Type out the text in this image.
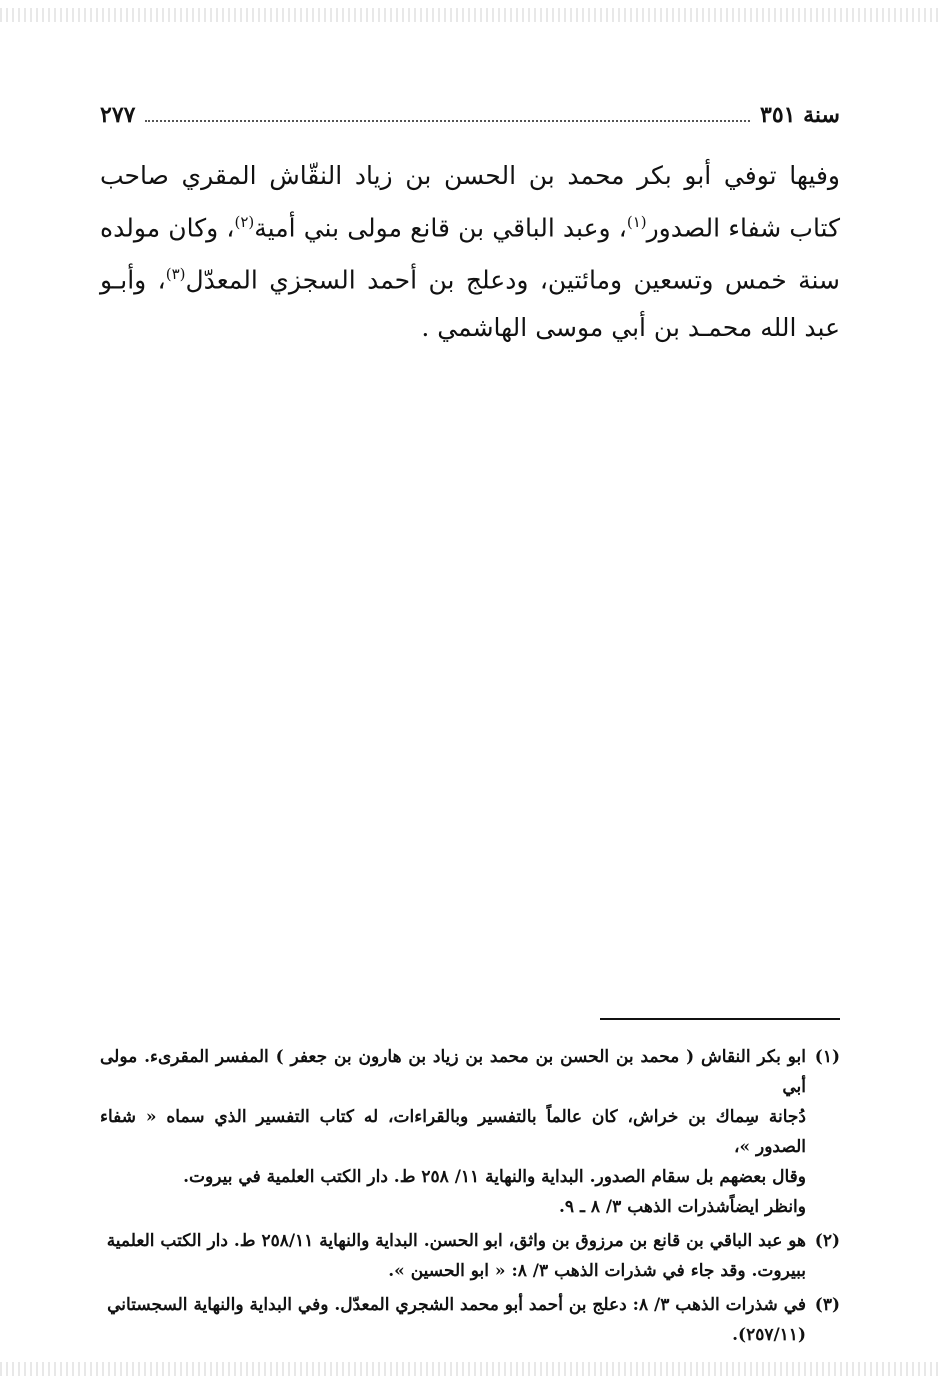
سنة ٣٥١
٢٧٧

وفيها توفي أبو بكر محمد بن الحسن بن زياد النقّاش المقري صاحب كتاب شفاء الصدور$^{(١)}$، وعبد الباقي بن قانع مولى بني أمية$^{(٢)}$، وكان مولده سنة خمس وتسعين ومائتين، ودعلج بن أحمد السجزي المعدّل$^{(٣)}$، وأبـو عبد الله محمـد بن أبي موسى الهاشمي .

(١)
ابو بكر النقاش ( محمد بن الحسن بن محمد بن زياد بن هارون بن جعفر ) المفسر المقرىء. مولى أبي
دُجانة سِماك بن خراش، كان عالماً بالتفسير وبالقراءات، له كتاب التفسير الذي سماه « شفاء الصدور »،
وقال بعضهم بل سقام الصدور. البداية والنهاية ١١/ ٢٥٨ ط. دار الكتب العلمية في بيروت.
وانظر ايضاًشذرات الذهب ٣/ ٨ ـ ٩.
(٢)
هو عبد الباقي بن قانع بن مرزوق بن واثق، ابو الحسن. البداية والنهاية ٢٥٨/١١ ط. دار الكتب العلمية
ببيروت. وقد جاء في شذرات الذهب ٣/ ٨: « ابو الحسين ».
(٣)
في شذرات الذهب ٣/ ٨: دعلج بن أحمد أبو محمد الشجري المعدّل. وفي البداية والنهاية السجستاني
(٢٥٧/١١).
